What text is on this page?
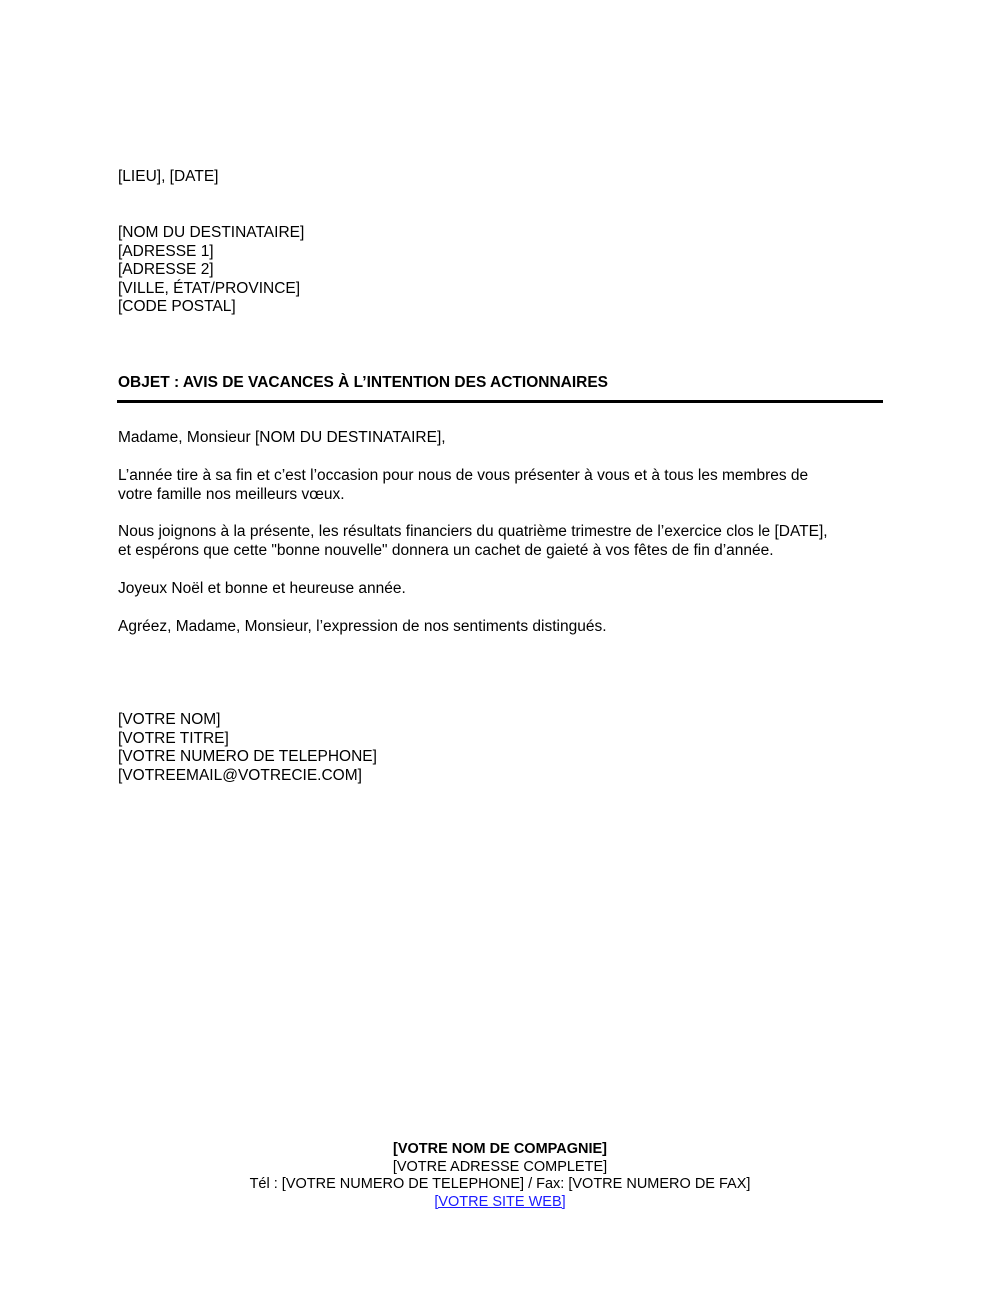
[LIEU], [DATE]
[NOM DU DESTINATAIRE]
[ADRESSE 1]
[ADRESSE 2]
[VILLE, ÉTAT/PROVINCE]
[CODE POSTAL]
OBJET : AVIS DE VACANCES À L’INTENTION DES ACTIONNAIRES
Madame, Monsieur [NOM DU DESTINATAIRE],
L’année tire à sa fin et c’est l’occasion pour nous de vous présenter à vous et à tous les membres de
votre famille nos meilleurs vœux.
Nous joignons à la présente, les résultats financiers du quatrième trimestre de l’exercice clos le [DATE],
et espérons que cette "bonne nouvelle" donnera un cachet de gaieté à vos fêtes de fin d’année.
Joyeux Noël et bonne et heureuse année.
Agréez, Madame, Monsieur, l’expression de nos sentiments distingués.
[VOTRE NOM]
[VOTRE TITRE]
[VOTRE NUMERO DE TELEPHONE]
[VOTREEMAIL@VOTRECIE.COM]
[VOTRE NOM DE COMPAGNIE]
[VOTRE ADRESSE COMPLETE]
Tél : [VOTRE NUMERO DE TELEPHONE] / Fax: [VOTRE NUMERO DE FAX]
[VOTRE SITE WEB]
